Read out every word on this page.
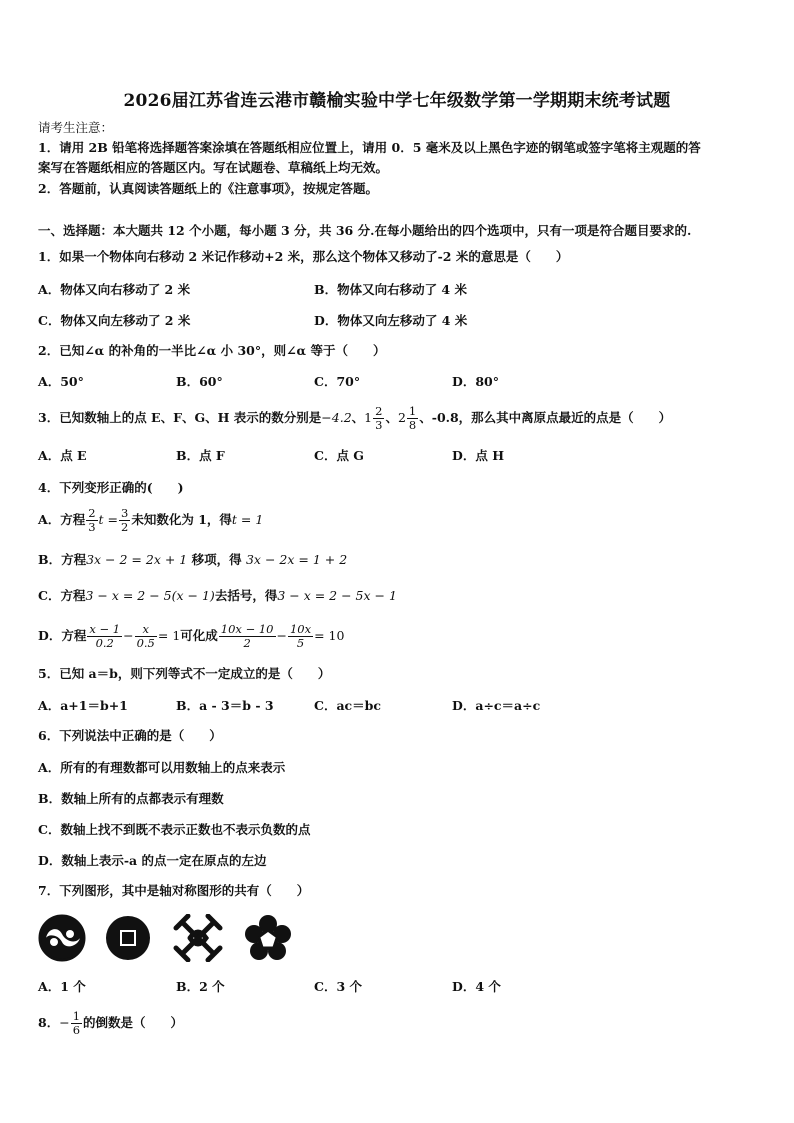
2026届江苏省连云港市赣榆实验中学七年级数学第一学期期末统考试题
请考生注意：
1．请用 2B 铅笔将选择题答案涂填在答题纸相应位置上，请用 0．5 毫米及以上黑色字迹的钢笔或签字笔将主观题的答
案写在答题纸相应的答题区内。写在试题卷、草稿纸上均无效。
2．答题前，认真阅读答题纸上的《注意事项》，按规定答题。
一、选择题：本大题共 12 个小题，每小题 3 分，共 36 分.在每小题给出的四个选项中，只有一项是符合题目要求的.
1．如果一个物体向右移动 2 米记作移动+2 米，那么这个物体又移动了-2 米的意思是（　　）
A．物体又向右移动了 2 米	B．物体又向右移动了 4 米
C．物体又向左移动了 2 米	D．物体又向左移动了 4 米
2．已知∠α 的补角的一半比∠α 小 30°，则∠α 等于（　　）
A．50°	B．60°	C．70°	D．80°
3．已知数轴上的点 E、F、G、H 表示的数分别是−4.2、$1 \frac{2}{3}$ 、$2 \frac{1}{8}$ 、-0.8，那么其中离原点最近的点是（　　）
A．点 E	B．点 F	C．点 G	D．点 H
4．下列变形正确的(　　)
A．方程 $\frac{2}{3}$ $t = \frac{3}{2}$ 未知数化为 1，得t = 1
B．方程3x − 2 = 2x + 1 移项，得 3x − 2x = 1 + 2
C．方程3 − x = 2 − 5(x − 1)去括号，得3 − x = 2 − 5x − 1
D．方程 $\frac{x - 1}{0.2} - \frac{x}{0.5} = 1$可化成 $\frac{10x - 10}{2} - \frac{10x}{5} = 10$
5．已知 a＝b，则下列等式不一定成立的是（　　）
A．a+1＝b+1	B．a - 3＝b - 3	C．ac＝bc	D．a÷c＝a÷c
6．下列说法中正确的是（　　）
A．所有的有理数都可以用数轴上的点来表示
B．数轴上所有的点都表示有理数
C．数轴上找不到既不表示正数也不表示负数的点
D．数轴上表示-a 的点一定在原点的左边
7．下列图形，其中是轴对称图形的共有（　　）
A．1 个	B．2 个	C．3 个	D．4 个
8．− $\frac{1}{6}$ 的倒数是（　　）
